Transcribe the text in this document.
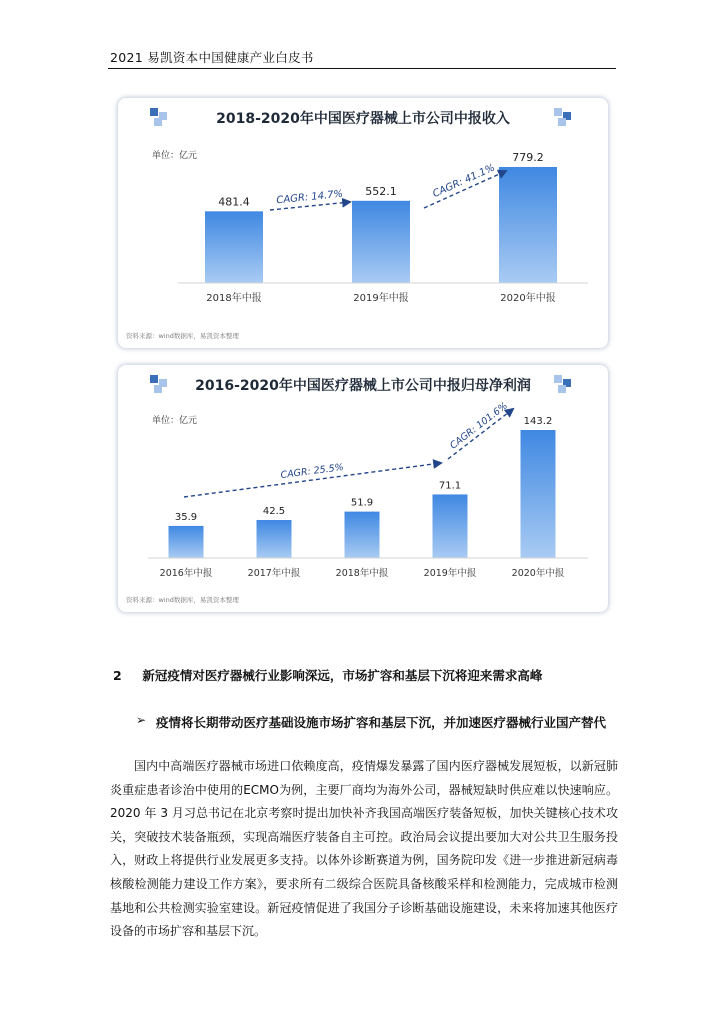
2021 易凯资本中国健康产业白皮书
2018-2020年中国医疗器械上市公司中报收入
单位：亿元
481.4
2018年中报
552.1
2019年中报
779.2
2020年中报
CAGR: 14.7%	CAGR: 41.1%
资料来源：wind数据库，易凯资本整理
2016-2020年中国医疗器械上市公司中报归母净利润
单位：亿元
35.9
2016年中报
42.5
2017年中报
51.9
2018年中报
71.1
2019年中报
143.2
2020年中报
CAGR: 25.5%
CAGR: 101.6%
资料来源：wind数据库，易凯资本整理
2 新冠疫情对医疗器械行业影响深远，市场扩容和基层下沉将迎来需求高峰
➢ 疫情将长期带动医疗基础设施市场扩容和基层下沉，并加速医疗器械行业国产替代
国内中高端医疗器械市场进口依赖度高，疫情爆发暴露了国内医疗器械发展短板，以新冠肺炎重症患者诊治中使用的ECMO为例，主要厂商均为海外公司，器械短缺时供应难以快速响应。2020 年 3 月习总书记在北京考察时提出加快补齐我国高端医疗装备短板，加快关键核心技术攻关，突破技术装备瓶颈，实现高端医疗装备自主可控。政治局会议提出要加大对公共卫生服务投入，财政上将提供行业发展更多支持。以体外诊断赛道为例，国务院印发《进一步推进新冠病毒核酸检测能力建设工作方案》，要求所有二级综合医院具备核酸采样和检测能力，完成城市检测基地和公共检测实验室建设。新冠疫情促进了我国分子诊断基础设施建设，未来将加速其他医疗设备的市场扩容和基层下沉。
